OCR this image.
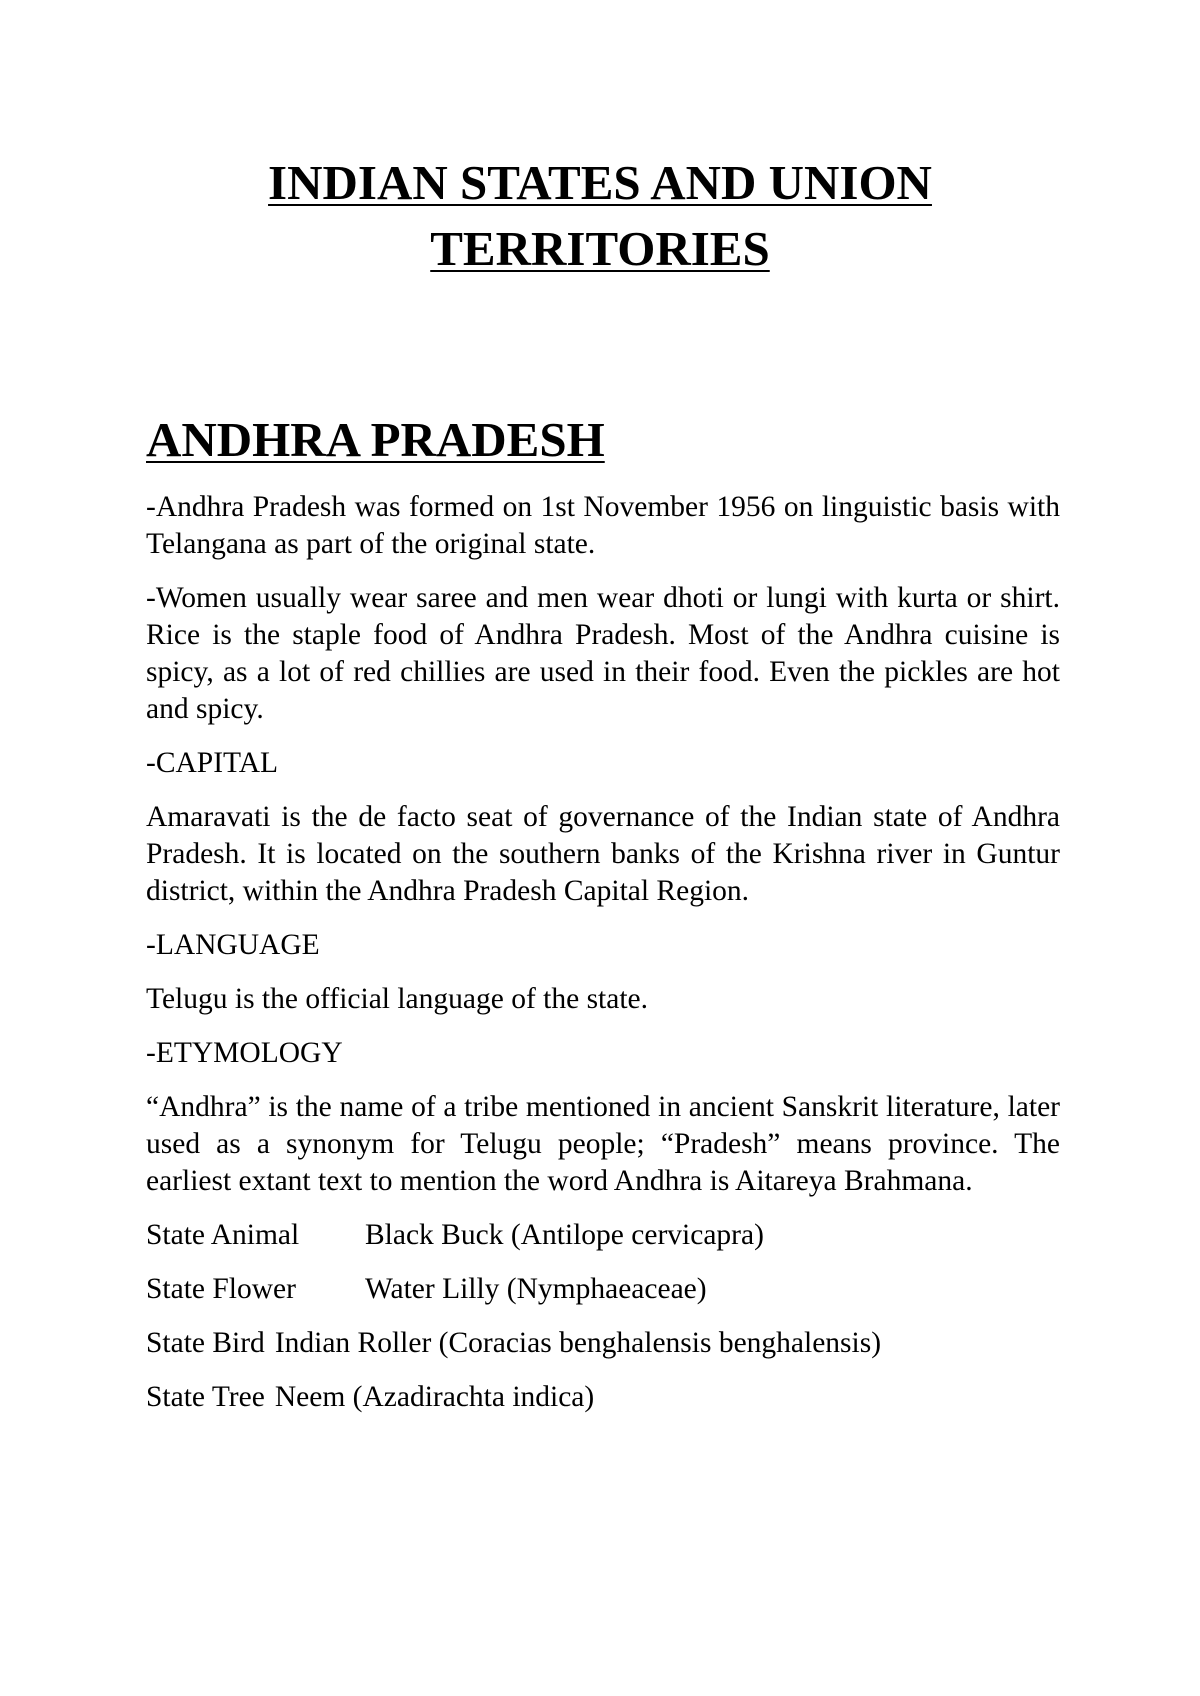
INDIAN STATES AND UNION
TERRITORIES
ANDHRA PRADESH

-Andhra Pradesh was formed on 1st November 1956 on linguistic basis with Telangana as part of the original state.

-Women usually wear saree and men wear dhoti or lungi with kurta or shirt. Rice is the staple food of Andhra Pradesh. Most of the Andhra cuisine is spicy, as a lot of red chillies are used in their food. Even the pickles are hot and spicy.

-CAPITAL

Amaravati is the de facto seat of governance of the Indian state of Andhra Pradesh. It is located on the southern banks of the Krishna river in Guntur district, within the Andhra Pradesh Capital Region.

-LANGUAGE

Telugu is the official language of the state.

-ETYMOLOGY

“Andhra” is the name of a tribe mentioned in ancient Sanskrit literature, later used as a synonym for Telugu people; “Pradesh” means province. The earliest extant text to mention the word Andhra is Aitareya Brahmana.

State Animal Black Buck (Antilope cervicapra)
State Flower Water Lilly (Nymphaeaceae)
State Bird Indian Roller (Coracias benghalensis benghalensis)
State Tree Neem (Azadirachta indica)
